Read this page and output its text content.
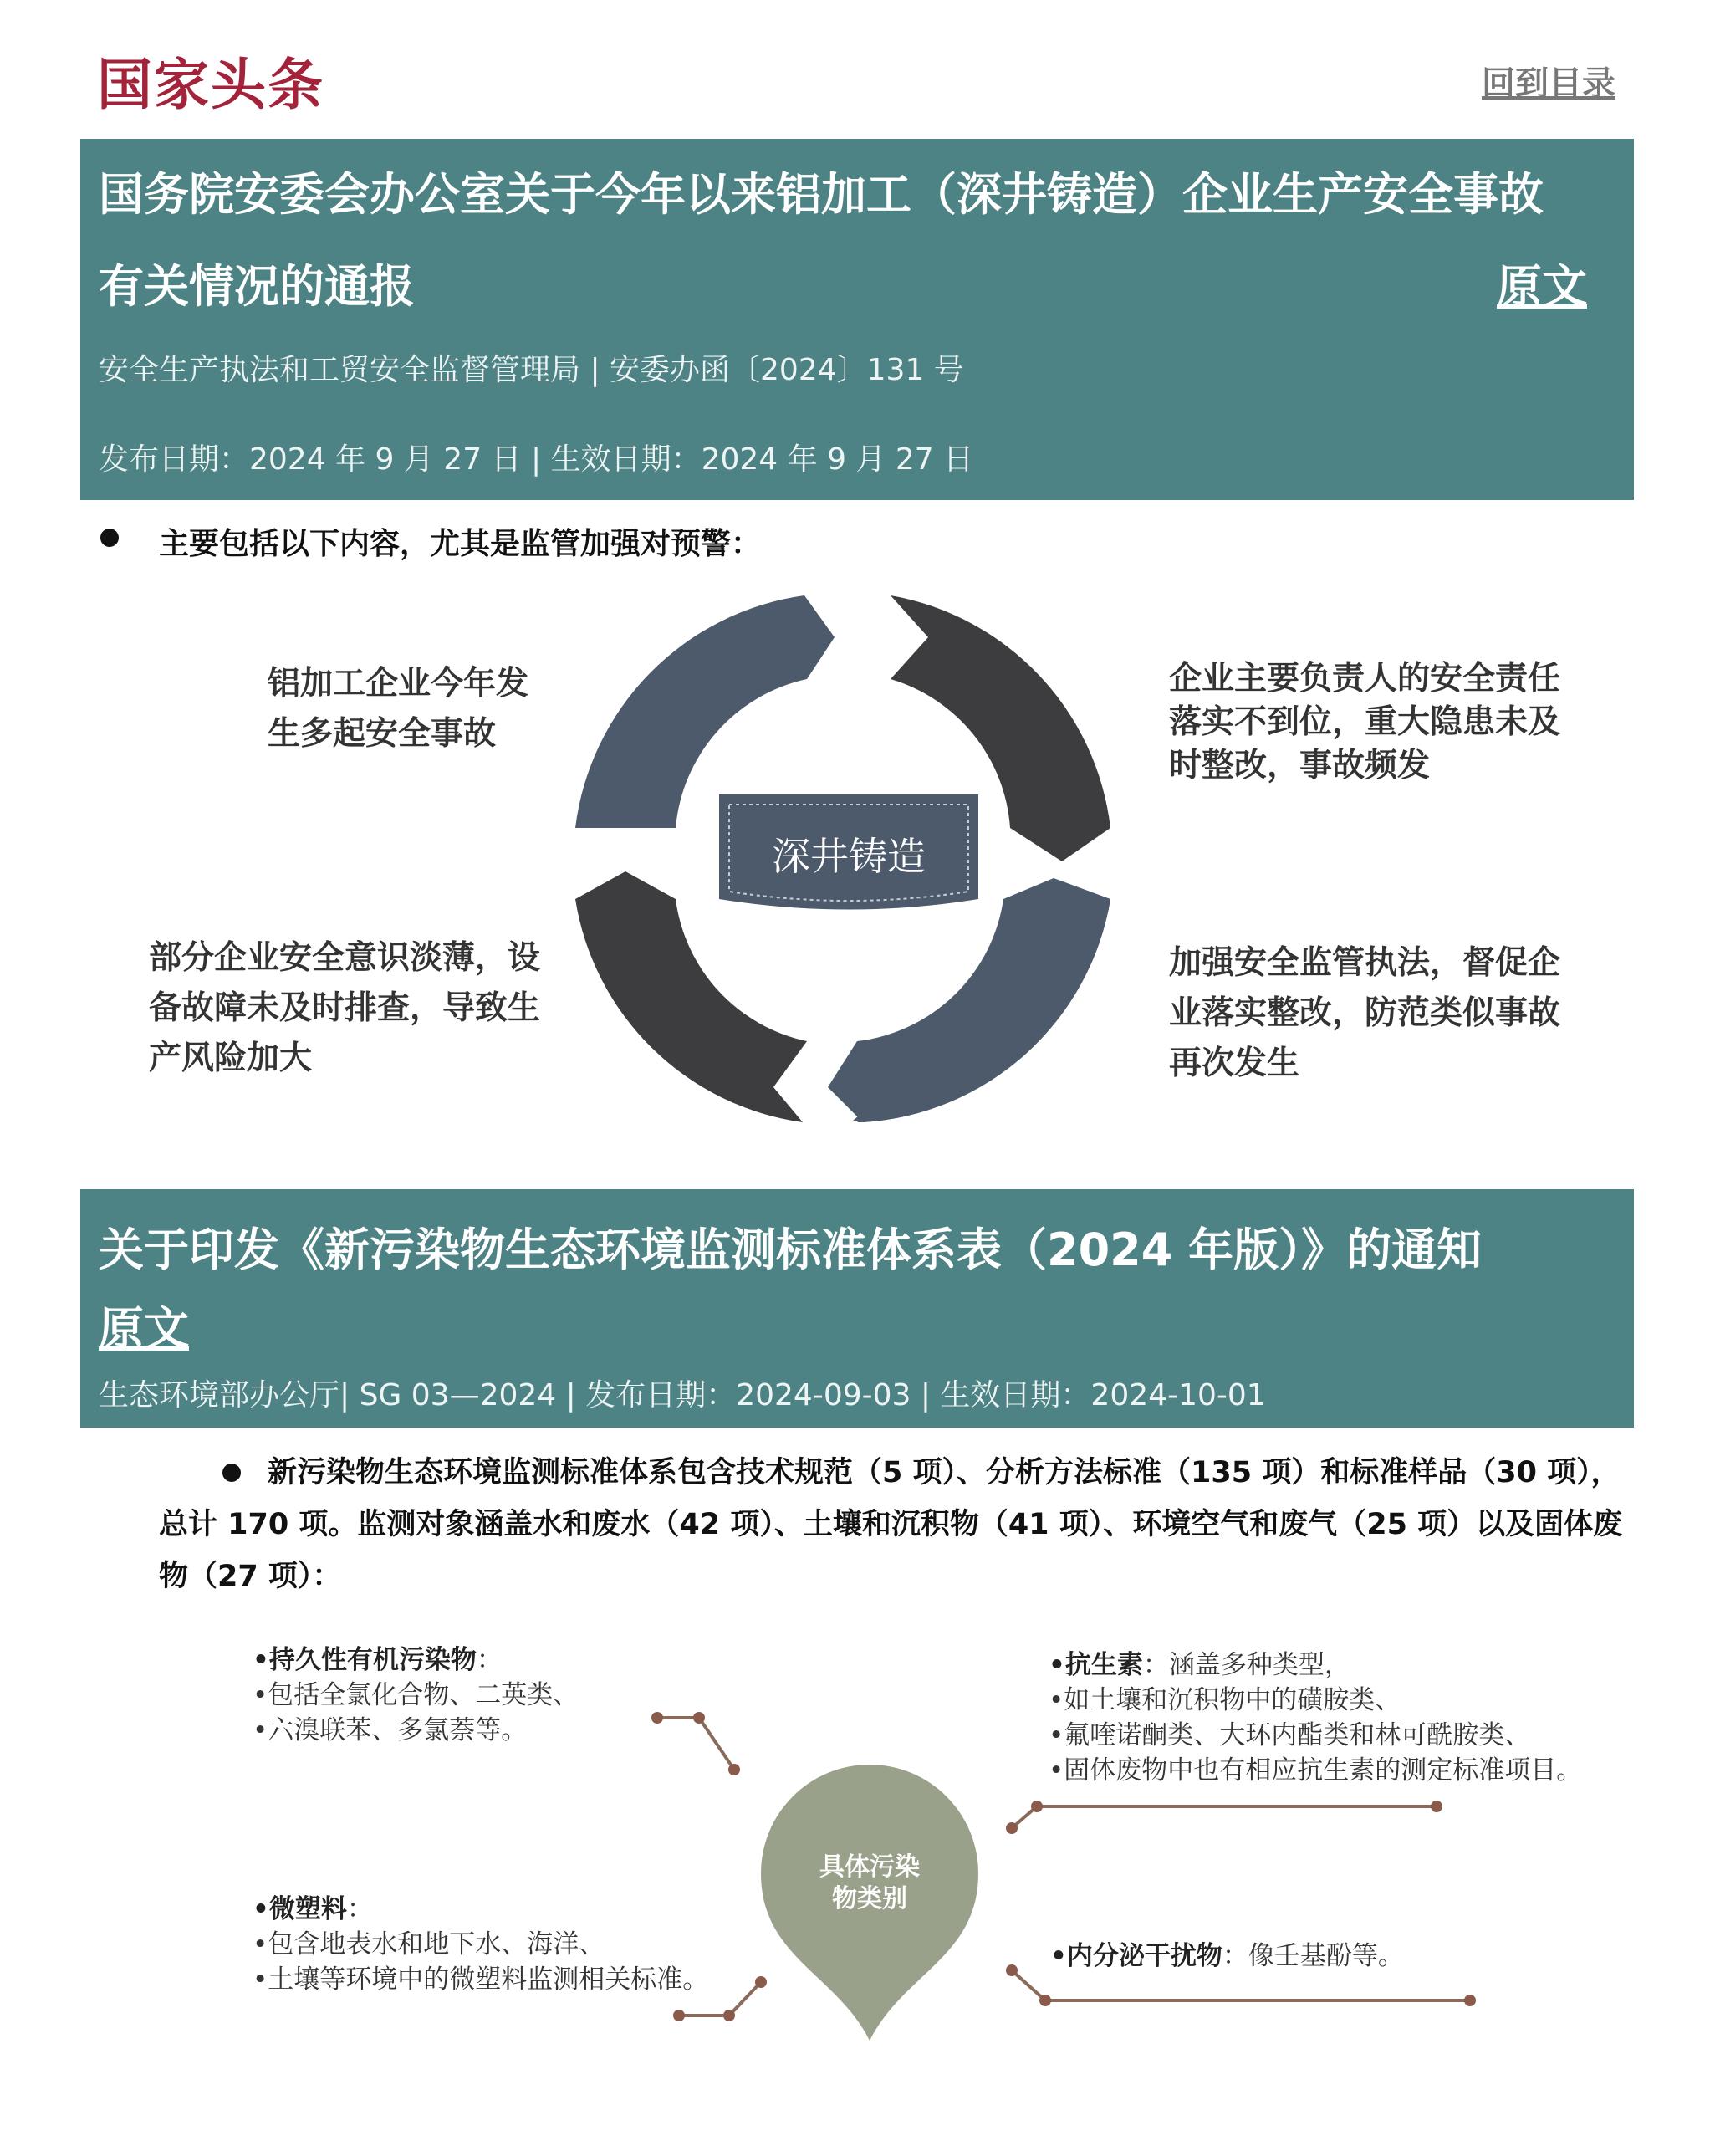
国家头条	回到目录
国务院安委会办公室关于今年以来铝加工（深井铸造）企业生产安全事故
有关情况的通报	原文
安全生产执法和工贸安全监督管理局 | 安委办函〔2024〕131 号
发布日期：2024 年 9 月 27 日 | 生效日期：2024 年 9 月 27 日
主要包括以下内容，尤其是监管加强对预警：
深井铸造
铝加工企业今年发生多起安全事故
企业主要负责人的安全责任落实不到位，重大隐患未及时整改，事故频发
部分企业安全意识淡薄，设备故障未及时排查，导致生产风险加大
加强安全监管执法，督促企业落实整改，防范类似事故再次发生
关于印发《新污染物生态环境监测标准体系表（2024 年版）》的通知
原文
生态环境部办公厅| SG 03—2024 | 发布日期：2024-09-03 | 生效日期：2024-10-01
新污染物生态环境监测标准体系包含技术规范（5 项）、分析方法标准（135 项）和标准样品（30 项），总计 170 项。监测对象涵盖水和废水（42 项）、土壤和沉积物（41 项）、环境空气和废气（25 项）以及固体废物（27 项）：
具体污染
物类别
•持久性有机污染物：
•包括全氯化合物、二英类、
•六溴联苯、多氯萘等。
•抗生素：涵盖多种类型，
•如土壤和沉积物中的磺胺类、
•氟喹诺酮类、大环内酯类和林可酰胺类、
•固体废物中也有相应抗生素的测定标准项目。
•微塑料：
•包含地表水和地下水、海洋、
•土壤等环境中的微塑料监测相关标准。
•内分泌干扰物：像壬基酚等。
